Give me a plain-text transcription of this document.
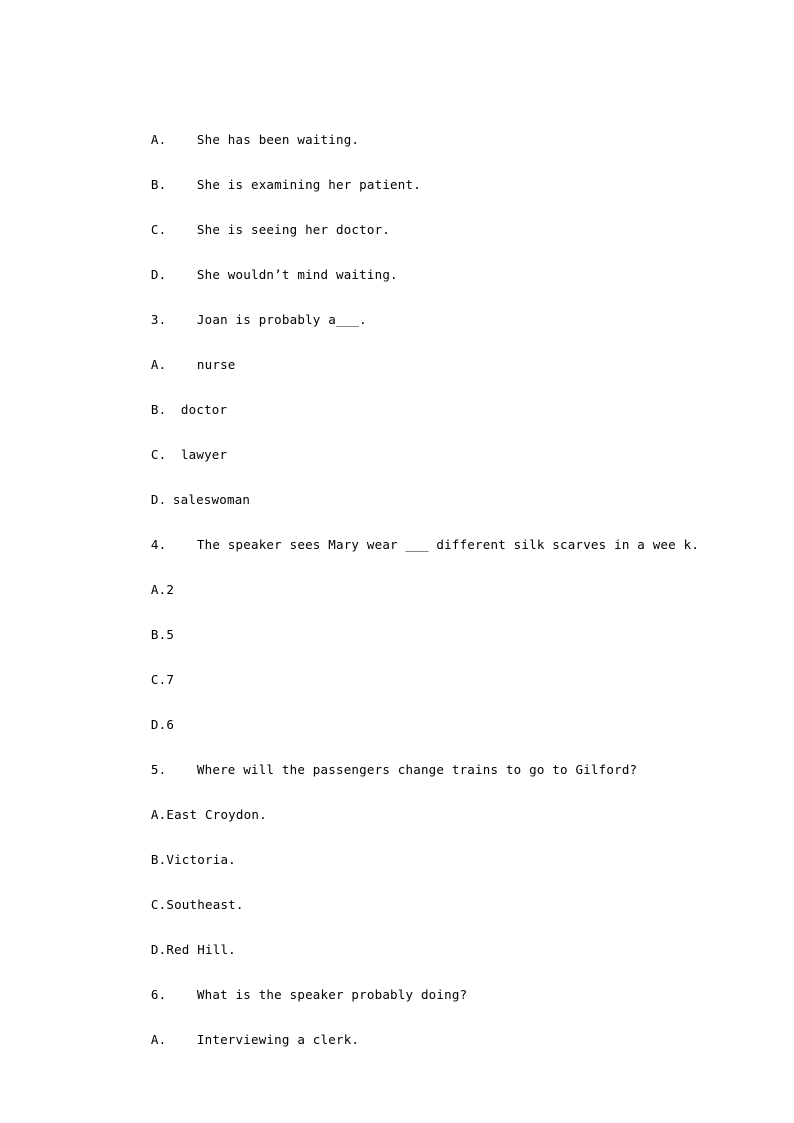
A. She has been waiting.

B. She is examining her patient.

C. She is seeing her doctor.

D. She wouldn’t mind waiting.

3. Joan is probably a___.

A. nurse

B. doctor

C. lawyer

D. saleswoman

4. The speaker sees Mary wear ___ different silk scarves in a wee k.

A.2

B.5

C.7

D.6

5. Where will the passengers change trains to go to Gilford?

A.East Croydon.

B.Victoria.

C.Southeast.

D.Red Hill.

6. What is the speaker probably doing?

A. Interviewing a clerk.
